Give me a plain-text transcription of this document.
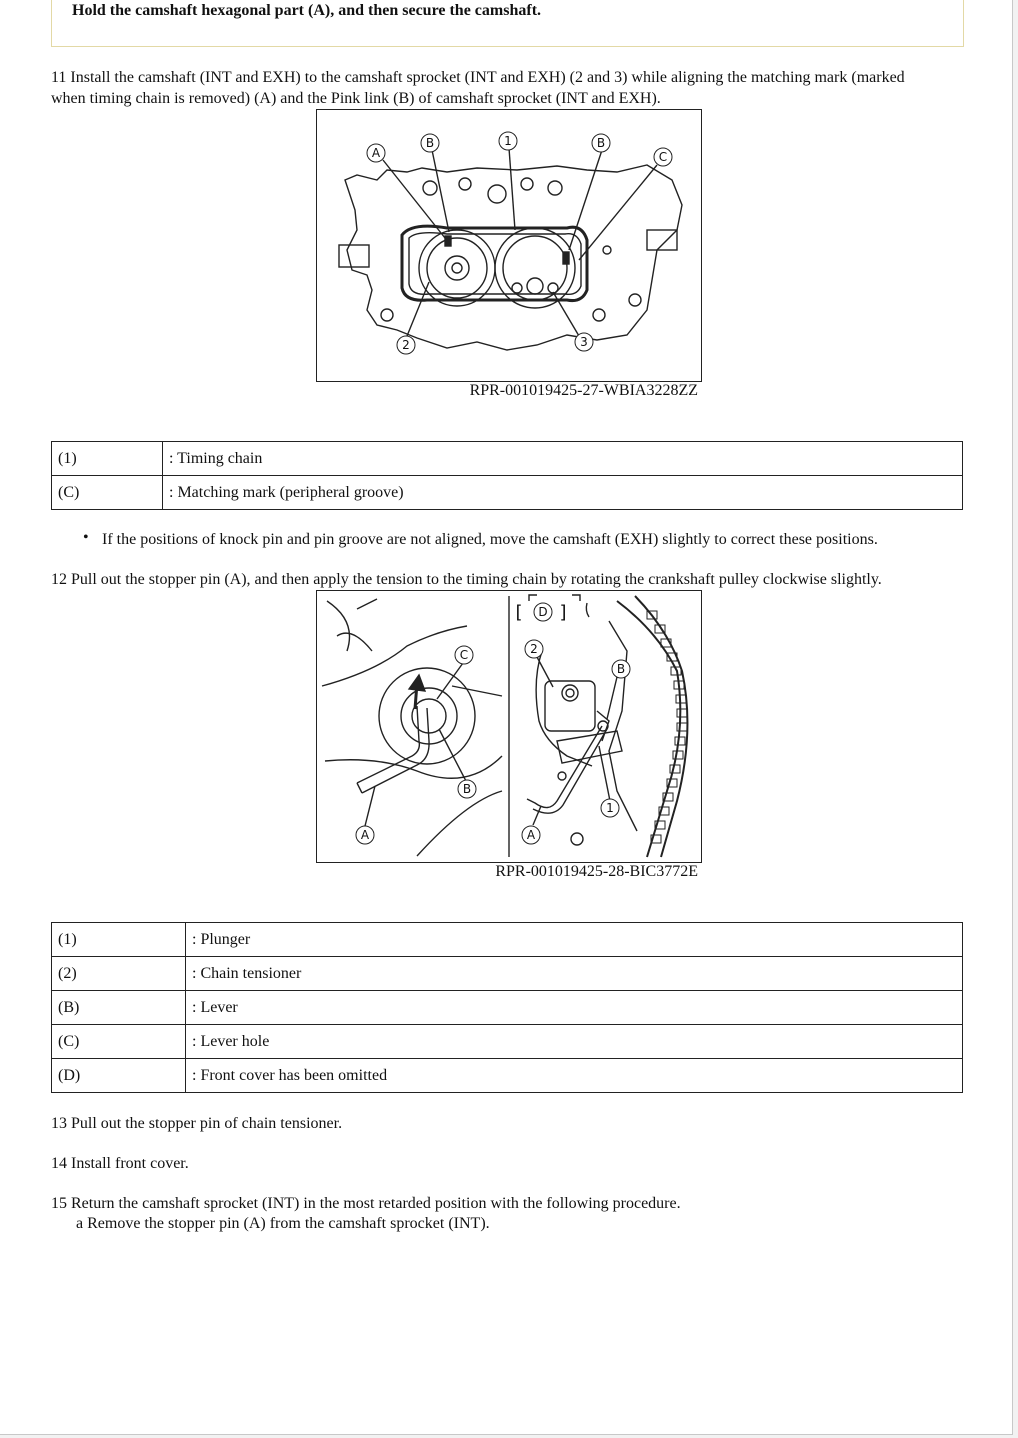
Hold the camshaft hexagonal part (A), and then secure the camshaft.
11 Install the camshaft (INT and EXH) to the camshaft sprocket (INT and EXH) (2 and 3) while aligning the matching mark (marked
when timing chain is removed) (A) and the Pink link (B) of camshaft sprocket (INT and EXH).
A
B	1	B
C
2	3
RPR-001019425-27-WBIA3228ZZ
(1)	: Timing chain
(C)	: Matching mark (peripheral groove)
• If the positions of knock pin and pin groove are not aligned, move the camshaft (EXH) slightly to correct these positions.
12 Pull out the stopper pin (A), and then apply the tension to the timing chain by rotating the crankshaft pulley clockwise slightly.
C
B
A
[ D ]
2
B
1
A
RPR-001019425-28-BIC3772E
(1)	: Plunger
(2)	: Chain tensioner
(B)	: Lever
(C)	: Lever hole
(D)	: Front cover has been omitted
13 Pull out the stopper pin of chain tensioner.
14 Install front cover.
15 Return the camshaft sprocket (INT) in the most retarded position with the following procedure.
a Remove the stopper pin (A) from the camshaft sprocket (INT).
